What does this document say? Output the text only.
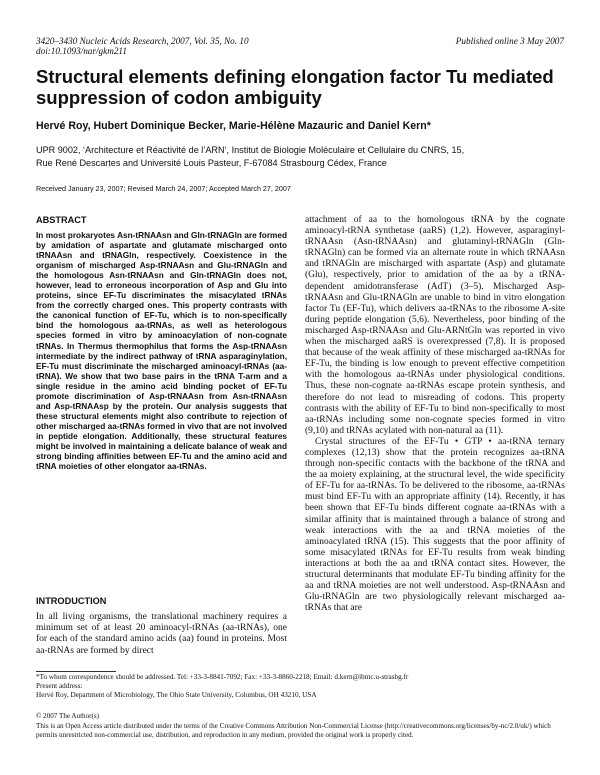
3420–3430 Nucleic Acids Research, 2007, Vol. 35, No. 10
doi:10.1093/nar/gkm211
Published online 3 May 2007
Structural elements defining elongation factor Tu mediated suppression of codon ambiguity
Hervé Roy, Hubert Dominique Becker, Marie-Hélène Mazauric and Daniel Kern*
UPR 9002, ‘Architecture et Réactivité de l’ARN’, Institut de Biologie Moléculaire et Cellulaire du CNRS, 15,
Rue René Descartes and Université Louis Pasteur, F-67084 Strasbourg Cédex, France
Received January 23, 2007; Revised March 24, 2007; Accepted March 27, 2007
ABSTRACT
In most prokaryotes Asn-tRNAAsn and Gln-tRNAGln are formed by amidation of aspartate and glutamate mischarged onto tRNAAsn and tRNAGln, respectively. Coexistence in the organism of mischarged Asp-tRNAAsn and Glu-tRNAGln and the homologous Asn-tRNAAsn and Gln-tRNAGln does not, however, lead to erroneous incorporation of Asp and Glu into proteins, since EF-Tu discriminates the misacylated tRNAs from the correctly charged ones. This property contrasts with the canonical function of EF-Tu, which is to non-specifically bind the homologous aa-tRNAs, as well as heterologous species formed in vitro by aminoacylation of non-cognate tRNAs. In Thermus thermophilus that forms the Asp-tRNAAsn intermediate by the indirect pathway of tRNA asparaginylation, EF-Tu must discriminate the mischarged aminoacyl-tRNAs (aa-tRNA). We show that two base pairs in the tRNA T-arm and a single residue in the amino acid binding pocket of EF-Tu promote discrimination of Asp-tRNAAsn from Asn-tRNAAsn and Asp-tRNAAsp by the protein. Our analysis suggests that these structural elements might also contribute to rejection of other mischarged aa-tRNAs formed in vivo that are not involved in peptide elongation. Additionally, these structural features might be involved in maintaining a delicate balance of weak and strong binding affinities between EF-Tu and the amino acid and tRNA moieties of other elongator aa-tRNAs.
INTRODUCTION
In all living organisms, the translational machinery requires a minimum set of at least 20 aminoacyl-tRNAs (aa-tRNAs), one for each of the standard amino acids (aa) found in proteins. Most aa-tRNAs are formed by direct

attachment of aa to the homologous tRNA by the cognate aminoacyl-tRNA synthetase (aaRS) (1,2). However, asparaginyl-tRNAAsn (Asn-tRNAAsn) and glutaminyl-tRNAGln (Gln-tRNAGln) can be formed via an alternate route in which tRNAAsn and tRNAGln are mischarged with aspartate (Asp) and glutamate (Glu), respectively, prior to amidation of the aa by a tRNA-dependent amidotransferase (AdT) (3–5). Mischarged Asp-tRNAAsn and Glu-tRNAGln are unable to bind in vitro elongation factor Tu (EF-Tu), which delivers aa-tRNAs to the ribosome A-site during peptide elongation (5,6). Nevertheless, poor binding of the mischarged Asp-tRNAAsn and Glu-ARNtGln was reported in vivo when the mischarged aaRS is overexpressed (7,8). It is proposed that because of the weak affinity of these mischarged aa-tRNAs for EF-Tu, the binding is low enough to prevent effective competition with the homologous aa-tRNAs under physiological conditions. Thus, these non-cognate aa-tRNAs escape protein synthesis, and therefore do not lead to misreading of codons. This property contrasts with the ability of EF-Tu to bind non-specifically to most aa-tRNAs including some non-cognate species formed in vitro (9,10) and tRNAs acylated with non-natural aa (11).

Crystal structures of the EF-Tu • GTP • aa-tRNA ternary complexes (12,13) show that the protein recognizes aa-tRNA through non-specific contacts with the backbone of the tRNA and the aa moiety explaining, at the structural level, the wide specificity of EF-Tu for aa-tRNAs. To be delivered to the ribosome, aa-tRNAs must bind EF-Tu with an appropriate affinity (14). Recently, it has been shown that EF-Tu binds different cognate aa-tRNAs with a similar affinity that is maintained through a balance of strong and weak interactions with the aa and tRNA moieties of the aminoacylated tRNA (15). This suggests that the poor affinity of some misacylated tRNAs for EF-Tu results from weak binding interactions at both the aa and tRNA contact sites. However, the structural determinants that modulate EF-Tu binding affinity for the aa and tRNA moieties are not well understood. Asp-tRNAAsn and Glu-tRNAGln are two physiologically relevant mischarged aa-tRNAs that are

*To whom correspondence should be addressed. Tel: +33-3-8841-7092; Fax: +33-3-8860-2218; Email: d.kern@ibmc.u-strasbg.fr
Present address:
Hervé Roy, Department of Microbiology, The Ohio State University, Columbus, OH 43210, USA
© 2007 The Author(s)
This is an Open Access article distributed under the terms of the Creative Commons Attribution Non-Commercial License (http://creativecommons.org/licenses/by-nc/2.0/uk/) which permits unrestricted non-commercial use, distribution, and reproduction in any medium, provided the original work is properly cited.
